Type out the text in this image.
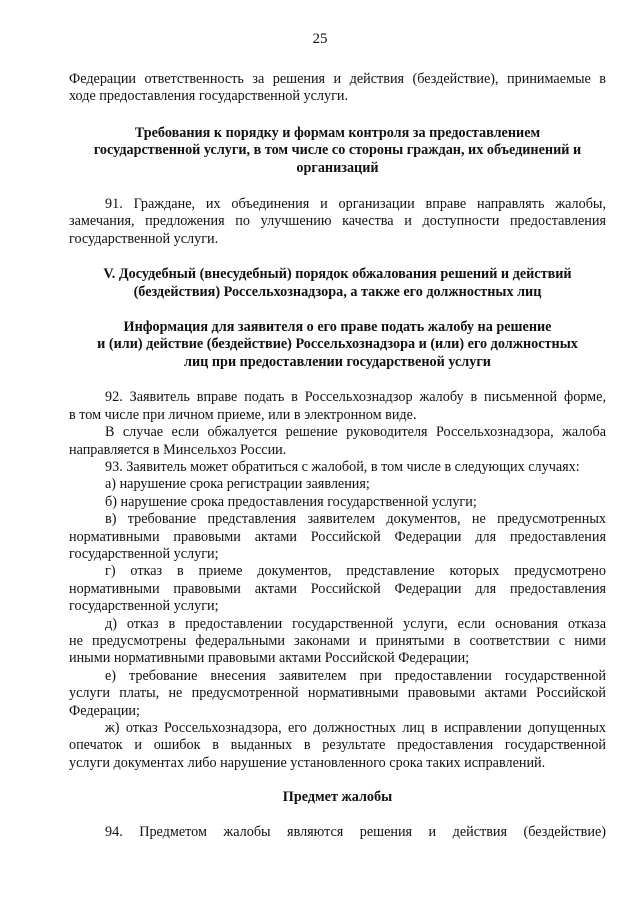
25

Федерации ответственность за решения и действия (бездействие), принимаемые в

ходе предоставления государственной услуги.

Требования к порядку и формам контроля за предоставлением

государственной услуги, в том числе со стороны граждан, их объединений и

организаций

91. Граждане, их объединения и организации вправе направлять жалобы,

замечания, предложения по улучшению качества и доступности предоставления

государственной услуги.

V. Досудебный (внесудебный) порядок обжалования решений и действий

(бездействия) Россельхознадзора, а также его должностных лиц

Информация для заявителя о его праве подать жалобу на решение

и (или) действие (бездействие) Россельхознадзора и (или) его должностных

лиц при предоставлении государственой услуги

92. Заявитель вправе подать в Россельхознадзор жалобу в письменной форме,

в том числе при личном приеме, или в электронном виде.

В случае если обжалуется решение руководителя Россельхознадзора, жалоба

направляется в Минсельхоз России.

93. Заявитель может обратиться с жалобой, в том числе в следующих случаях:

а) нарушение срока регистрации заявления;

б) нарушение срока предоставления государственной услуги;

в) требование представления заявителем документов, не предусмотренных

нормативными правовыми актами Российской Федерации для предоставления

государственной услуги;

г) отказ в приеме документов, представление которых предусмотрено

нормативными правовыми актами Российской Федерации для предоставления

государственной услуги;

д) отказ в предоставлении государственной услуги, если основания отказа

не предусмотрены федеральными законами и принятыми в соответствии с ними

иными нормативными правовыми актами Российской Федерации;

е) требование внесения заявителем при предоставлении государственной

услуги платы, не предусмотренной нормативными правовыми актами Российской

Федерации;

ж) отказ Россельхознадзора, его должностных лиц в исправлении допущенных

опечаток и ошибок в выданных в результате предоставления государственной

услуги документах либо нарушение установленного срока таких исправлений.

Предмет жалобы

94. Предметом жалобы являются решения и действия (бездействие)
